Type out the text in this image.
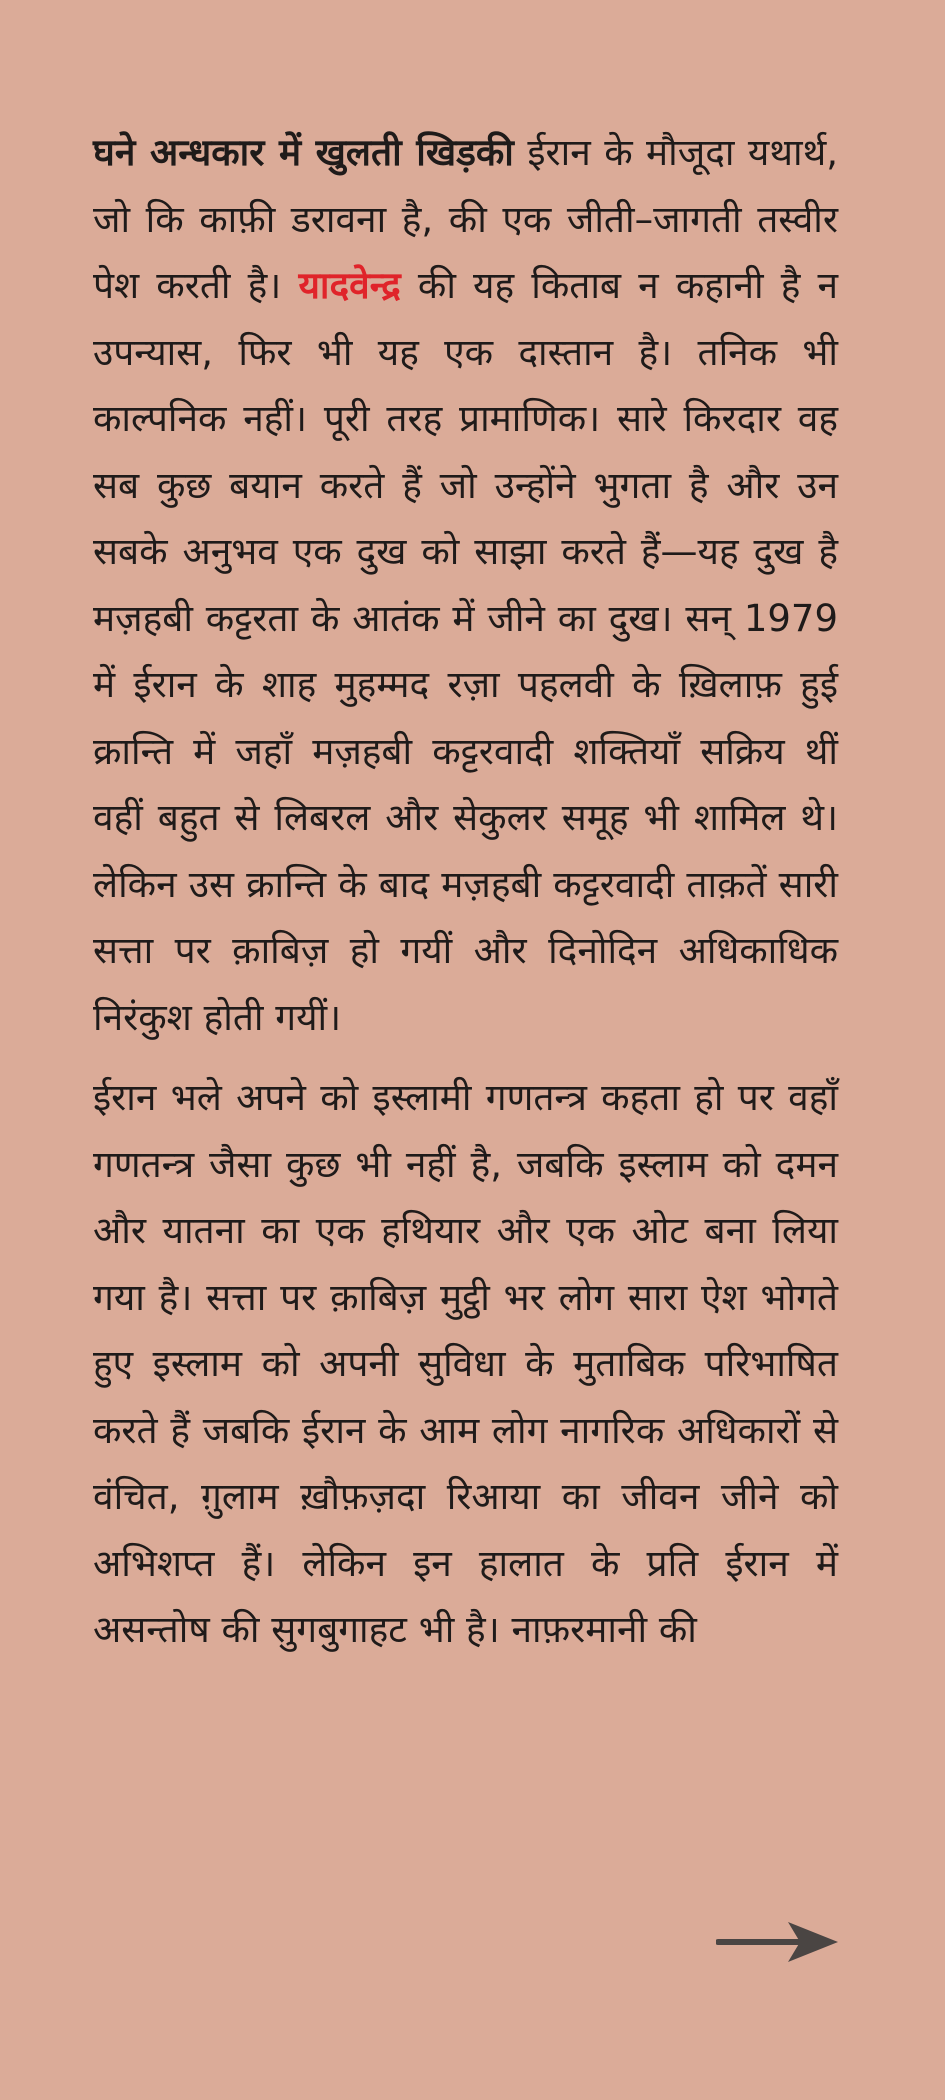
घने अन्धकार में खुलती खिड़की ईरान के मौजूदा यथार्थ, जो कि काफ़ी डरावना है, की एक जीती–जागती तस्वीर पेश करती है। यादवेन्द्र की यह किताब न कहानी है न उपन्यास, फिर भी यह एक दास्तान है। तनिक भी काल्पनिक नहीं। पूरी तरह प्रामाणिक। सारे किरदार वह सब कुछ बयान करते हैं जो उन्होंने भुगता है और उन सबके अनुभव एक दुख को साझा करते हैं—यह दुख है मज़हबी कट्टरता के आतंक में जीने का दुख। सन् 1979 में ईरान के शाह मुहम्मद रज़ा पहलवी के ख़िलाफ़ हुई क्रान्ति में जहाँ मज़हबी कट्टरवादी शक्तियाँ सक्रिय थीं वहीं बहुत से लिबरल और सेकुलर समूह भी शामिल थे। लेकिन उस क्रान्ति के बाद मज़हबी कट्टरवादी ताक़तें सारी सत्ता पर क़ाबिज़ हो गयीं और दिनोदिन अधिकाधिक निरंकुश होती गयीं।

ईरान भले अपने को इस्लामी गणतन्त्र कहता हो पर वहाँ गणतन्त्र जैसा कुछ भी नहीं है, जबकि इस्लाम को दमन और यातना का एक हथियार और एक ओट बना लिया गया है। सत्ता पर क़ाबिज़ मुट्ठी भर लोग सारा ऐश भोगते हुए इस्लाम को अपनी सुविधा के मुताबिक परिभाषित करते हैं जबकि ईरान के आम लोग नागरिक अधिकारों से वंचित, ग़ुलाम ख़ौफ़ज़दा रिआया का जीवन जीने को अभिशप्त हैं। लेकिन इन हालात के प्रति ईरान में असन्तोष की सुगबुगाहट भी है। नाफ़रमानी की
